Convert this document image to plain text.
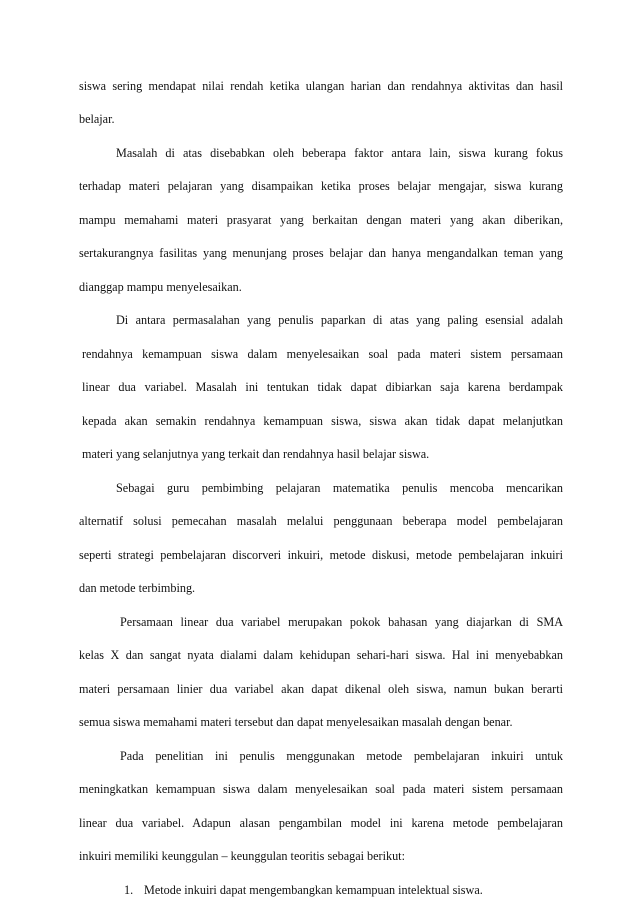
siswa sering mendapat nilai rendah ketika ulangan harian dan rendahnya aktivitas dan hasil
belajar.
Masalah di atas disebabkan oleh beberapa faktor antara lain, siswa kurang fokus
terhadap materi pelajaran yang disampaikan ketika proses belajar mengajar, siswa kurang
mampu memahami materi prasyarat yang berkaitan dengan materi yang akan diberikan,
sertakurangnya fasilitas yang menunjang proses belajar dan hanya mengandalkan teman yang
dianggap mampu menyelesaikan.
Di antara permasalahan yang penulis paparkan di atas yang paling esensial adalah
rendahnya kemampuan siswa dalam menyelesaikan soal pada materi sistem persamaan
linear dua variabel. Masalah ini tentukan tidak dapat dibiarkan saja karena berdampak
kepada akan semakin rendahnya kemampuan siswa, siswa akan tidak dapat melanjutkan
materi yang selanjutnya yang terkait dan rendahnya hasil belajar siswa.
Sebagai guru pembimbing pelajaran matematika penulis mencoba mencarikan
alternatif solusi pemecahan masalah melalui penggunaan beberapa model pembelajaran
seperti strategi pembelajaran discorveri inkuiri, metode diskusi, metode pembelajaran inkuiri
dan metode terbimbing.
Persamaan linear dua variabel merupakan pokok bahasan yang diajarkan di SMA
kelas X dan sangat nyata dialami dalam kehidupan sehari-hari siswa. Hal ini menyebabkan
materi persamaan linier dua variabel akan dapat dikenal oleh siswa, namun bukan berarti
semua siswa memahami materi tersebut dan dapat menyelesaikan masalah dengan benar.
Pada penelitian ini penulis menggunakan metode pembelajaran inkuiri untuk
meningkatkan kemampuan siswa dalam menyelesaikan soal pada materi sistem persamaan
linear dua variabel. Adapun alasan pengambilan model ini karena metode pembelajaran
inkuiri memiliki keunggulan – keunggulan teoritis sebagai berikut:
1. Metode inkuiri dapat mengembangkan kemampuan intelektual siswa.
